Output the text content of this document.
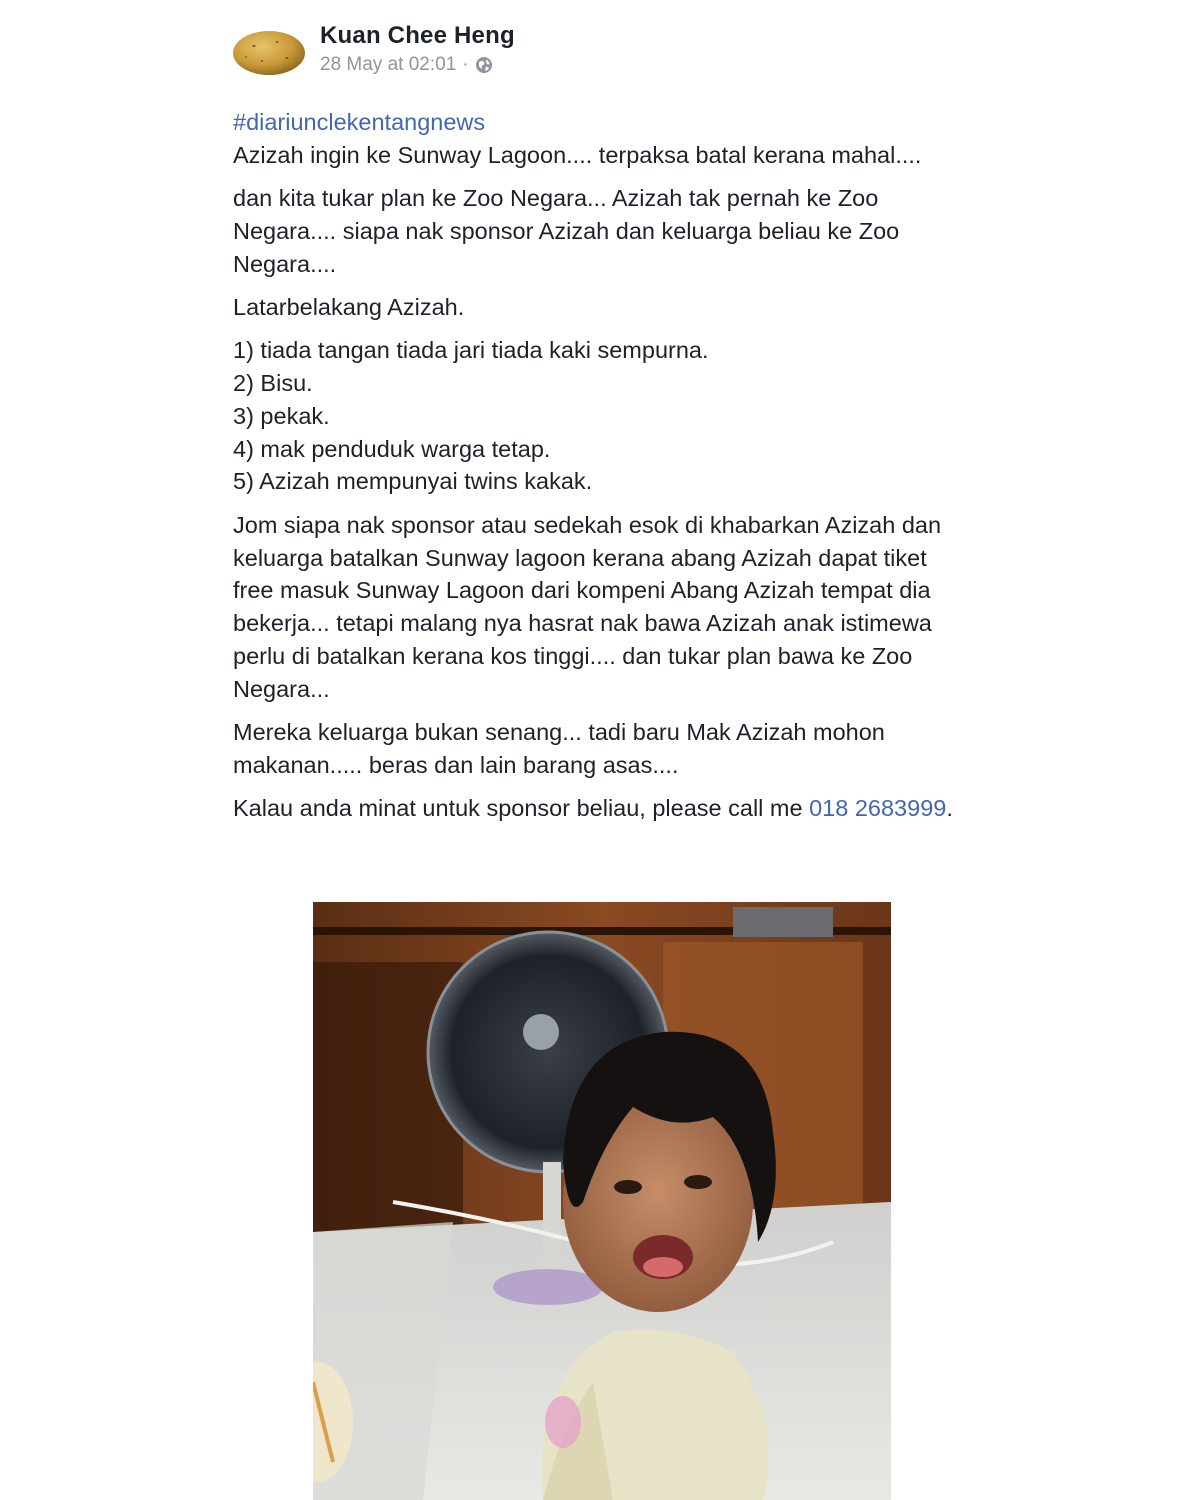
Kuan Chee Heng
28 May at 02:01 ·
#diariunclekentangnews

Azizah ingin ke Sunway Lagoon.... terpaksa batal kerana mahal....

dan kita tukar plan ke Zoo Negara... Azizah tak pernah ke Zoo Negara.... siapa nak sponsor Azizah dan keluarga beliau ke Zoo Negara....

Latarbelakang Azizah.

1) tiada tangan tiada jari tiada kaki sempurna.
2) Bisu.
3) pekak.
4) mak penduduk warga tetap.
5) Azizah mempunyai twins kakak.

Jom siapa nak sponsor atau sedekah esok di khabarkan Azizah dan keluarga batalkan Sunway lagoon kerana abang Azizah dapat tiket free masuk Sunway Lagoon dari kompeni Abang Azizah tempat dia bekerja... tetapi malang nya hasrat nak bawa Azizah anak istimewa perlu di batalkan kerana kos tinggi.... dan tukar plan bawa ke Zoo Negara...

Mereka keluarga bukan senang... tadi baru Mak Azizah mohon makanan..... beras dan lain barang asas....

Kalau anda minat untuk sponsor beliau, please call me 018 2683999.
